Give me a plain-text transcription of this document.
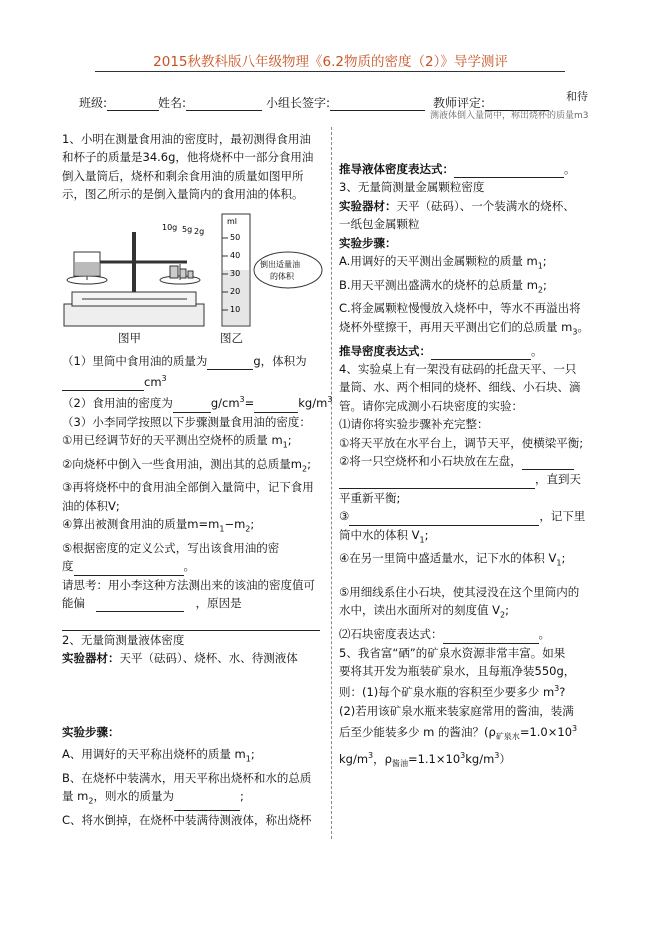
2015秋教科版八年级物理《6.2物质的密度（2）》导学测评
班级:	姓名:	小组长签字:	教师评定:	和待
测液体倒入量筒中，称出烧杯的质量m3

1、小明在测量食用油的密度时，最初测得食用油

和杯子的质量是34.6g，他将烧杯中一部分食用油

倒入量筒后，烧杯和剩余食用油的质量如图甲所

示，图乙所示的是倒入量筒内的食用油的体积。

10g 5g 2g
ml
50
40
30
20
10
倒出适量油
的体积
图甲	图乙

（1）里筒中食用油的质量为	g，体积为

$cm^3$

（2）食用油的密度为	$g/cm^3=$	$kg/m^3$

（3）小李同学按照以下步骤测量食用油的密度：

①用已经调节好的天平测出空烧杯的质量 $m_1$;

②向烧杯中倒入一些食用油，测出其的总质量$m_2$;

③再将烧杯中的食用油全部倒入量筒中，记下食用

油的体积V;

④算出被测食用油的质量$m=m_1-m_2$;

⑤根据密度的定义公式，写出该食用油的密

度	。

请思考：用小李这种方法测出来的该油的密度值可

能偏	，原因是

2、无量筒测量液体密度

实验器材：天平（砝码）、烧杯、水、待测液体

实验步骤：

A、用调好的天平称出烧杯的质量 $m_1$;

B、在烧杯中装满水，用天平称出烧杯和水的总质

量 $m_2$，则水的质量为	;

C、将水倒掉，在烧杯中装满待测液体，称出烧杯

推导液体密度表达式：	。

3、无量筒测量金属颗粒密度

实验器材：天平（砝码）、一个装满水的烧杯、

一纸包金属颗粒

实验步骤：

A.用调好的天平测出金属颗粒的质量 $m_1$;

B.用天平测出盛满水的烧杯的总质量 $m_2$;

C.将金属颗粒慢慢放入烧杯中，等水不再溢出将

烧杯外壁擦干，再用天平测出它们的总质量 $m_3$。

推导密度表达式：	。

4、实验桌上有一架没有砝码的托盘天平、一只

量筒、水、两个相同的烧杯、细线、小石块、滴

管。请你完成测小石块密度的实验：

⑴请你将实验步骤补充完整：

①将天平放在水平台上，调节天平，使横梁平衡;

②将一只空烧杯和小石块放在左盘，

，直到天

平重新平衡;

③	，记下里

筒中水的体积 $V_1$;

④在另一里筒中盛适量水，记下水的体积 $V_1$;

⑤用细线系住小石块，使其浸没在这个里筒内的

水中，读出水面所对的刻度值 $V_2$;

⑵石块密度表达式：	。

5、我省富“硒”的矿泉水资源非常丰富。如果

要将其开发为瓶装矿泉水，且每瓶净装550g，

则：(1)每个矿泉水瓶的容积至少要多少 $m^3$?

(2)若用该矿泉水瓶来装家庭常用的酱油，装满

后至少能装多少 m 的酱油？($\rho_{矿泉水}=1.0\times 10^3$

$kg/m^3$，$\rho_{酱油}=1.1\times 10^3kg/m^3$）
